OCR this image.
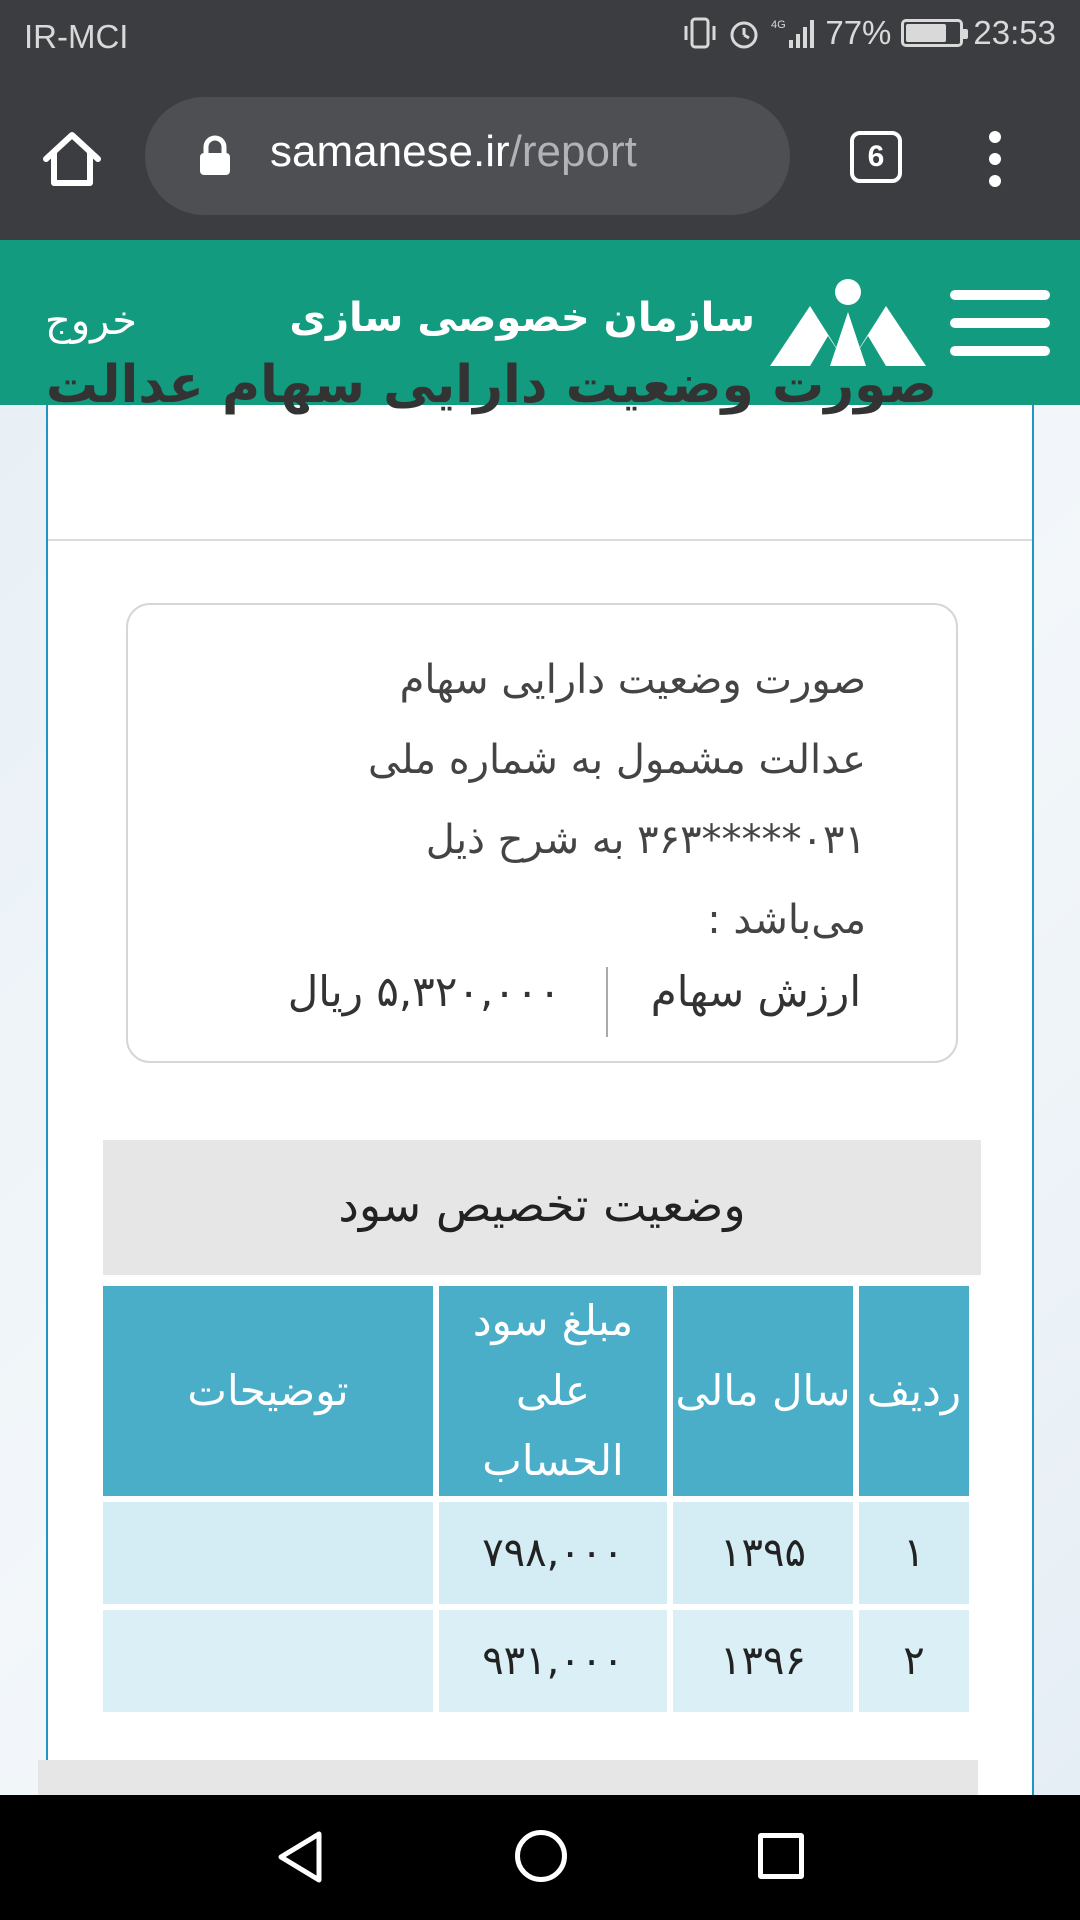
IR-MCI	4G 77% 23:53
samanese.ir/report	6
خروج	سازمان خصوصی سازی
صورت وضعیت دارایی سهام عدالت
صورت وضعیت دارایی سهام
عدالت مشمول به شماره ملی
۰۳۱*****۳۶۳ به شرح ذیل
می‌باشد :
ارزش سهام
۵,۳۲۰,۰۰۰ ریال
وضعیت تخصیص سود
ردیف	سال مالی	مبلغ سود علی الحساب	توضیحات
۱	۱۳۹۵	۷۹۸,۰۰۰	
۲	۱۳۹۶	۹۳۱,۰۰۰	
